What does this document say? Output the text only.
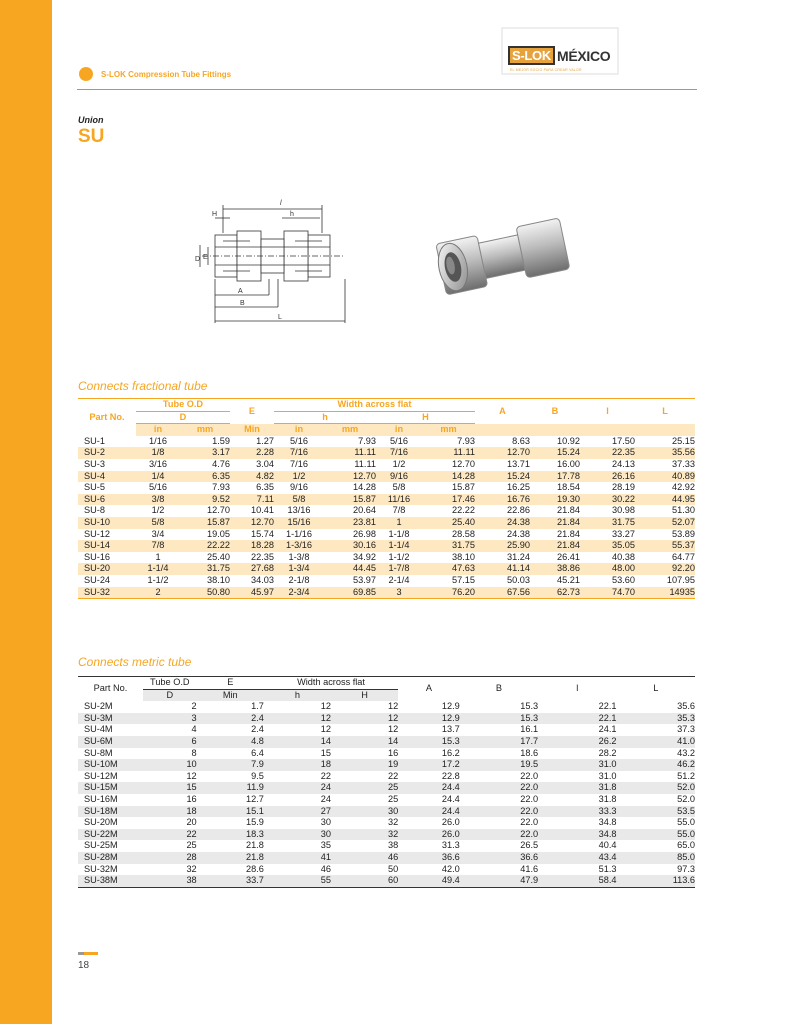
S-LOK Compression Tube Fittings
S-LOK MÉXICO
EL MEJOR SOCIO PARA CREAR VALOR
Union
SU
l
H	h
D E
A
B
L
Connects fractional tube
Part No.	Tube O.D		E	Width across flat				A	B	l	L
	D			h		H					
	in	mm	Min	in	mm	in	mm				
SU-1	1/16	1.59	1.27	5/16	7.93	5/16	7.93	8.63	10.92	17.50	25.15
SU-2	1/8	3.17	2.28	7/16	11.11	7/16	11.11	12.70	15.24	22.35	35.56
SU-3	3/16	4.76	3.04	7/16	11.11	1/2	12.70	13.71	16.00	24.13	37.33
SU-4	1/4	6.35	4.82	1/2	12.70	9/16	14.28	15.24	17.78	26.16	40.89
SU-5	5/16	7.93	6.35	9/16	14.28	5/8	15.87	16.25	18.54	28.19	42.92
SU-6	3/8	9.52	7.11	5/8	15.87	11/16	17.46	16.76	19.30	30.22	44.95
SU-8	1/2	12.70	10.41	13/16	20.64	7/8	22.22	22.86	21.84	30.98	51.30
SU-10	5/8	15.87	12.70	15/16	23.81	1	25.40	24.38	21.84	31.75	52.07
SU-12	3/4	19.05	15.74	1-1/16	26.98	1-1/8	28.58	24.38	21.84	33.27	53.89
SU-14	7/8	22.22	18.28	1-3/16	30.16	1-1/4	31.75	25.90	21.84	35.05	55.37
SU-16	1	25.40	22.35	1-3/8	34.92	1-1/2	38.10	31.24	26.41	40.38	64.77
SU-20	1-1/4	31.75	27.68	1-3/4	44.45	1-7/8	47.63	41.14	38.86	48.00	92.20
SU-24	1-1/2	38.10	34.03	2-1/8	53.97	2-1/4	57.15	50.03	45.21	53.60	107.95
SU-32	2	50.80	45.97	2-3/4	69.85	3	76.20	67.56	62.73	74.70	14935
Connects metric tube
Part No.	Tube O.D	E	Width across flat		A	B	l	L
	D	Min	h	H				
SU-2M	2	1.7	12	12	12.9	15.3	22.1	35.6
SU-3M	3	2.4	12	12	12.9	15.3	22.1	35.3
SU-4M	4	2.4	12	12	13.7	16.1	24.1	37.3
SU-6M	6	4.8	14	14	15.3	17.7	26.2	41.0
SU-8M	8	6.4	15	16	16.2	18.6	28.2	43.2
SU-10M	10	7.9	18	19	17.2	19.5	31.0	46.2
SU-12M	12	9.5	22	22	22.8	22.0	31.0	51.2
SU-15M	15	11.9	24	25	24.4	22.0	31.8	52.0
SU-16M	16	12.7	24	25	24.4	22.0	31.8	52.0
SU-18M	18	15.1	27	30	24.4	22.0	33.3	53.5
SU-20M	20	15.9	30	32	26.0	22.0	34.8	55.0
SU-22M	22	18.3	30	32	26.0	22.0	34.8	55.0
SU-25M	25	21.8	35	38	31.3	26.5	40.4	65.0
SU-28M	28	21.8	41	46	36.6	36.6	43.4	85.0
SU-32M	32	28.6	46	50	42.0	41.6	51.3	97.3
SU-38M	38	33.7	55	60	49.4	47.9	58.4	113.6
18
